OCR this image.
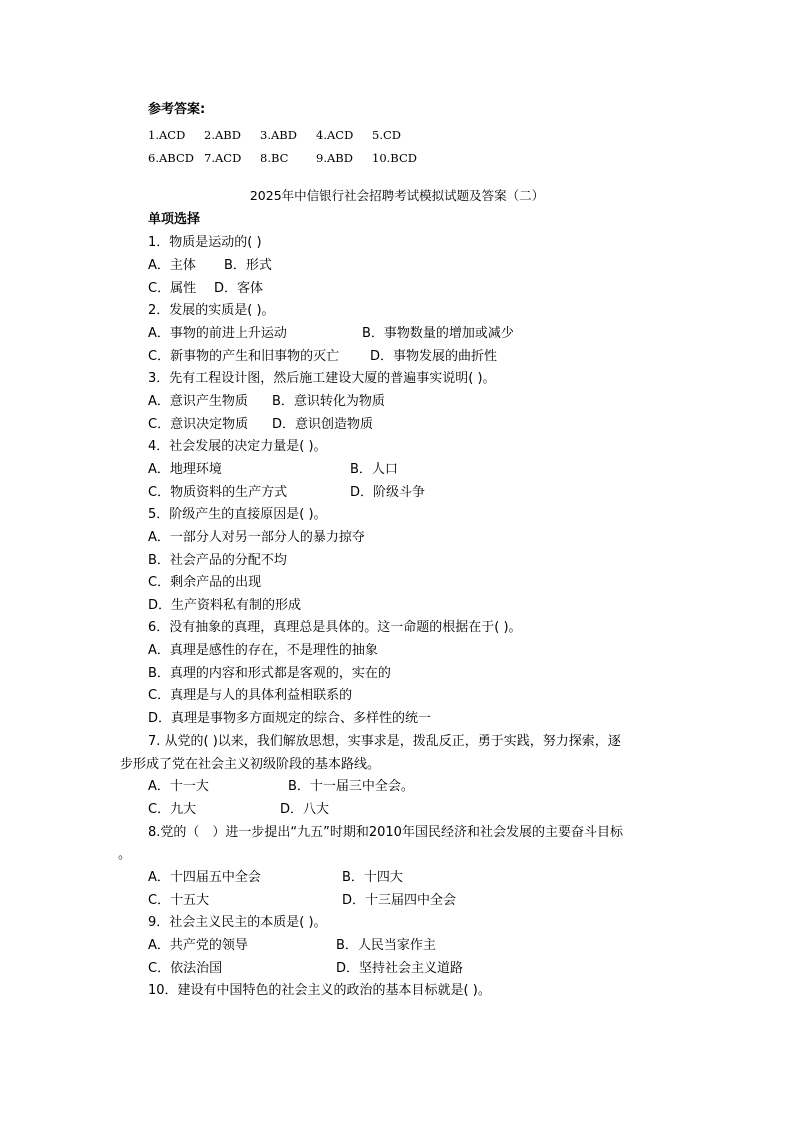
参考答案:
1.ACD 2.ABD 3.ABD 4.ACD 5.CD
6.ABCD 7.ACD 8.BC 9.ABD 10.BCD
2025年中信银行社会招聘考试模拟试题及答案（二）
单项选择
1．物质是运动的( )
A．主体 B．形式
C．属性 D．客体
2．发展的实质是( )。
A．事物的前进上升运动	B．事物数量的增加或减少
C．新事物的产生和旧事物的灭亡 D．事物发展的曲折性
3．先有工程设计图，然后施工建设大厦的普遍事实说明( )。
A．意识产生物质 B．意识转化为物质
C．意识决定物质 D．意识创造物质
4．社会发展的决定力量是( )。
A．地理环境	B．人口
C．物质资料的生产方式	D．阶级斗争
5．阶级产生的直接原因是( )。
A．一部分人对另一部分人的暴力掠夺
B．社会产品的分配不均
C．剩余产品的出现
D．生产资料私有制的形成
6．没有抽象的真理，真理总是具体的。这一命题的根据在于( )。
A．真理是感性的存在，不是理性的抽象
B．真理的内容和形式都是客观的，实在的
C．真理是与人的具体利益相联系的
D．真理是事物多方面规定的综合、多样性的统一
7. 从党的( )以来，我们解放思想，实事求是，拨乱反正，勇于实践，努力探索，逐
步形成了党在社会主义初级阶段的基本路线。
A．十一大	B．十一届三中全会。
C．九大	D．八大
8.党的（　）进一步提出“九五”时期和2010年国民经济和社会发展的主要奋斗目标
。
A．十四届五中全会	B．十四大
C．十五大	D．十三届四中全会
9．社会主义民主的本质是( )。
A．共产党的领导	B．人民当家作主
C．依法治国	D．坚持社会主义道路
10．建设有中国特色的社会主义的政治的基本目标就是( )。
